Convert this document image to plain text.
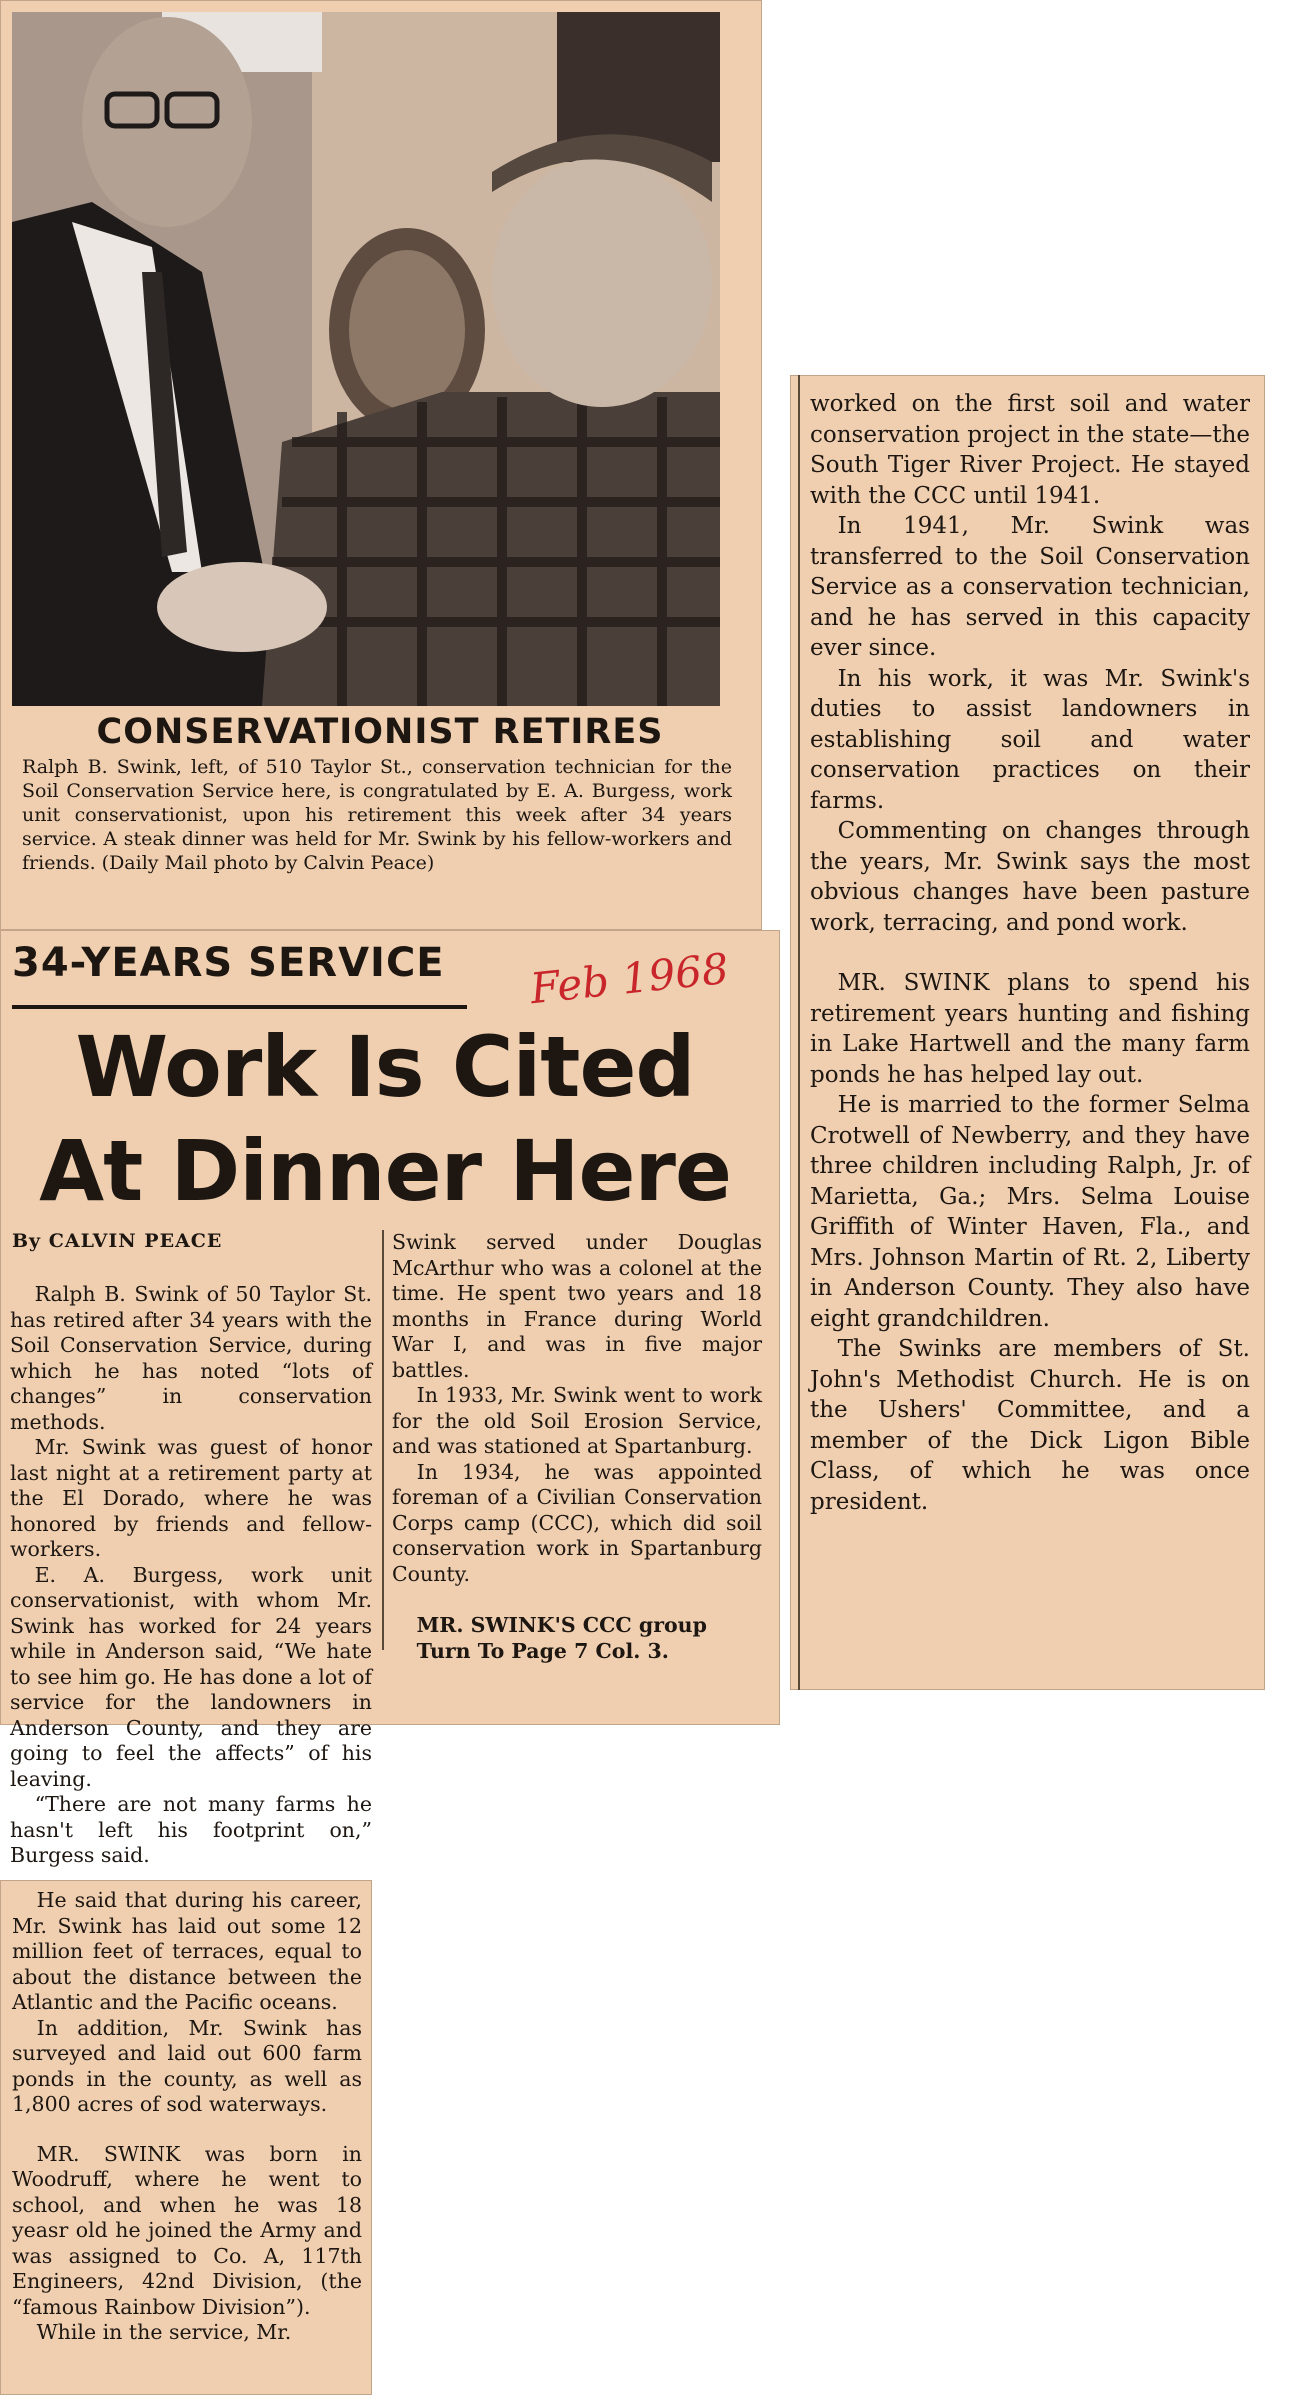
CONSERVATIONIST RETIRES
Ralph B. Swink, left, of 510 Taylor St., conservation technician for the Soil Conservation Service here, is congratulated by E. A. Burgess, work unit conservationist, upon his retirement this week after 34 years service. A steak dinner was held for Mr. Swink by his fellow-workers and friends. (Daily Mail photo by Calvin Peace)
34-YEARS SERVICE Feb 1968
Work Is Cited
At Dinner Here
By CALVIN PEACE

Ralph B. Swink of 50 Taylor St. has retired after 34 years with the Soil Conservation Service, during which he has noted “lots of changes” in conservation methods.

Mr. Swink was guest of honor last night at a retirement party at the El Dorado, where he was honored by friends and fellow-workers.

E. A. Burgess, work unit conservationist, with whom Mr. Swink has worked for 24 years while in Anderson said, “We hate to see him go. He has done a lot of service for the landowners in Anderson County, and they are going to feel the affects” of his leaving.

“There are not many farms he hasn't left his footprint on,” Burgess said.

Swink served under Douglas McArthur who was a colonel at the time. He spent two years and 18 months in France during World War I, and was in five major battles.

In 1933, Mr. Swink went to work for the old Soil Erosion Service, and was stationed at Spartanburg.

In 1934, he was appointed foreman of a Civilian Conservation Corps camp (CCC), which did soil conservation work in Spartanburg County.

MR. SWINK'S CCC group

Turn To Page 7 Col. 3.

He said that during his career, Mr. Swink has laid out some 12 million feet of terraces, equal to about the distance between the Atlantic and the Pacific oceans.

In addition, Mr. Swink has surveyed and laid out 600 farm ponds in the county, as well as 1,800 acres of sod waterways.

MR. SWINK was born in Woodruff, where he went to school, and when he was 18 yeasr old he joined the Army and was assigned to Co. A, 117th Engineers, 42nd Division, (the “famous Rainbow Division”).

While in the service, Mr.

worked on the first soil and water conservation project in the state—the South Tiger River Project. He stayed with the CCC until 1941.

In 1941, Mr. Swink was transferred to the Soil Conservation Service as a conservation technician, and he has served in this capacity ever since.

In his work, it was Mr. Swink's duties to assist landowners in establishing soil and water conservation practices on their farms.

Commenting on changes through the years, Mr. Swink says the most obvious changes have been pasture work, terracing, and pond work.

MR. SWINK plans to spend his retirement years hunting and fishing in Lake Hartwell and the many farm ponds he has helped lay out.

He is married to the former Selma Crotwell of Newberry, and they have three children including Ralph, Jr. of Marietta, Ga.; Mrs. Selma Louise Griffith of Winter Haven, Fla., and Mrs. Johnson Martin of Rt. 2, Liberty in Anderson County. They also have eight grandchildren.

The Swinks are members of St. John's Methodist Church. He is on the Ushers' Committee, and a member of the Dick Ligon Bible Class, of which he was once president.
